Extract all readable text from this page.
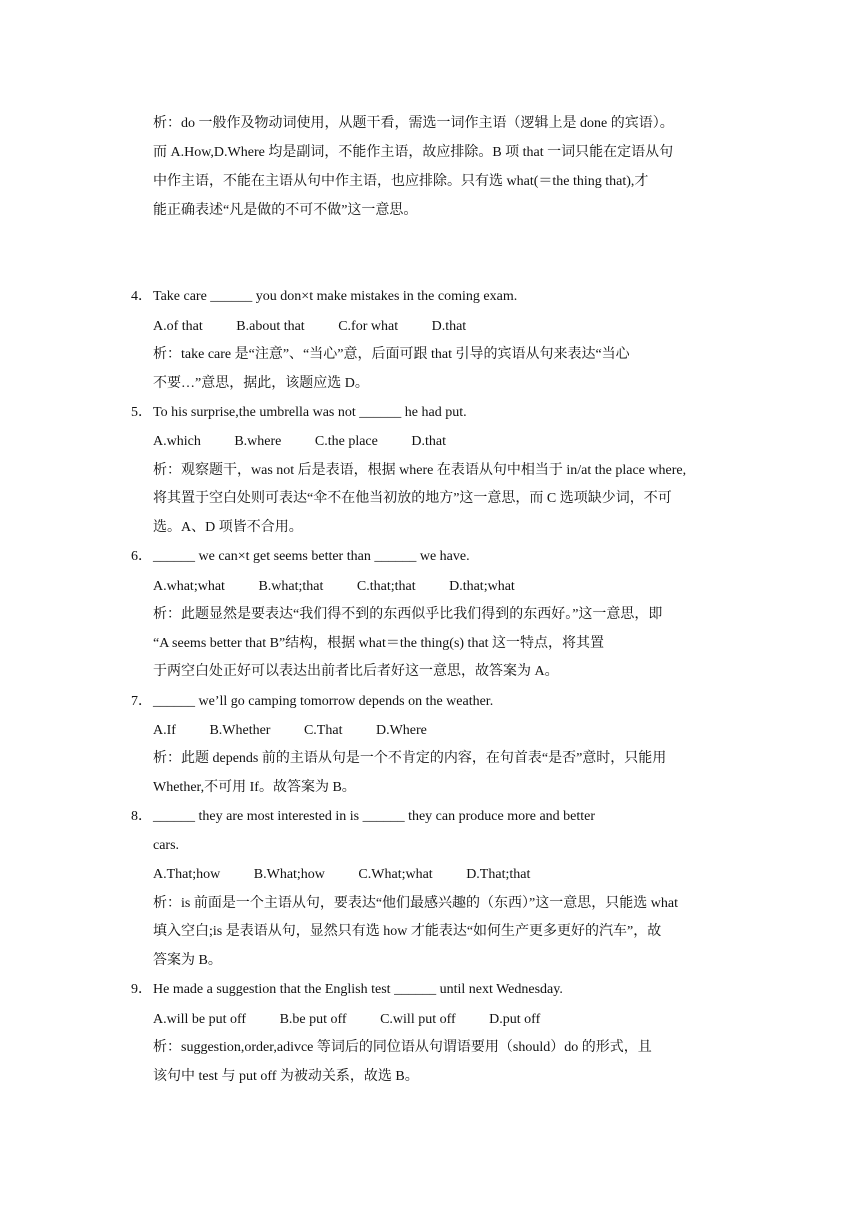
析：do 一般作及物动词使用，从题干看，需选一词作主语（逻辑上是 done 的宾语）。
而 A.How,D.Where 均是副词，不能作主语，故应排除。B 项 that 一词只能在定语从句
中作主语，不能在主语从句中作主语，也应排除。只有选 what(＝the thing that),才
能正确表述“凡是做的不可不做”这一意思。
4． Take care ______ you don×t make mistakes in the coming exam.
A.of that B.about that C.for what D.that
析：take care 是“注意”、“当心”意，后面可跟 that 引导的宾语从句来表达“当心
不要…”意思，据此，该题应选 D。
5． To his surprise,the umbrella was not ______ he had put.
A.which B.where C.the place D.that
析：观察题干，was not 后是表语，根据 where 在表语从句中相当于 in/at the place where,
将其置于空白处则可表达“伞不在他当初放的地方”这一意思，而 C 选项缺少词，不可
选。A、D 项皆不合用。
6． ______ we can×t get seems better than ______ we have.
A.what;what B.what;that C.that;that D.that;what
析：此题显然是要表达“我们得不到的东西似乎比我们得到的东西好。”这一意思，即
“A seems better that B”结构，根据 what＝the thing(s) that 这一特点，将其置
于两空白处正好可以表达出前者比后者好这一意思，故答案为 A。
7． ______ we’ll go camping tomorrow depends on the weather.
A.If B.Whether C.That D.Where
析：此题 depends 前的主语从句是一个不肯定的内容，在句首表“是否”意时，只能用
Whether,不可用 If。故答案为 B。
8． ______ they are most interested in is ______ they can produce more and better
cars.
A.That;how B.What;how C.What;what D.That;that
析：is 前面是一个主语从句，要表达“他们最感兴趣的（东西）”这一意思，只能选 what
填入空白;is 是表语从句，显然只有选 how 才能表达“如何生产更多更好的汽车”，故
答案为 B。
9． He made a suggestion that the English test ______ until next Wednesday.
A.will be put off B.be put off C.will put off D.put off
析：suggestion,order,adivce 等词后的同位语从句谓语要用（should）do 的形式，且
该句中 test 与 put off 为被动关系，故选 B。
